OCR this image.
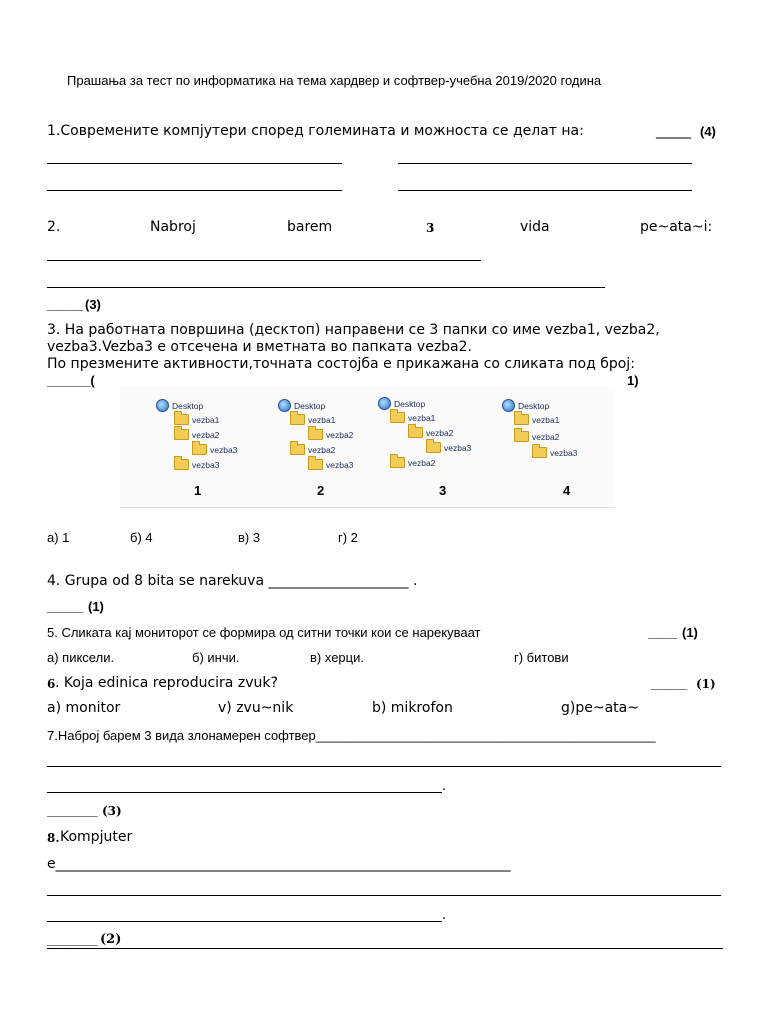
Прашања за тест по информатика на тема хардвер и софтвер-учебна 2019/2020 година
1.Современите компјутери според големината и можноста се делат на:	_____ (4)
2.	Nabroj	barem	3	vida	pe~ata~i:
_____ (3)
3. На работната површина (десктоп) направени се 3 папки со име vezba1, vezba2,
vezba3.Vezba3 е отсечена и вметната во папката vezba2.
По презмените активности,точната состојба е прикажана со сликата под број:
______(	1)
Desktop
vezba1
vezba2
vezba3
vezba3
Desktop
vezba1
vezba2
vezba2
vezba3
Desktop
vezba1
vezba2
vezba3
vezba2
Desktop
vezba1
vezba2
vezba3
1	2	3	4
а) 1	б) 4	в) 3	г) 2
4. Grupa od 8 bita se narekuva ____________________ .
_____ (1)
5. Сликата кај мониторот се формира од ситни точки кои се нарекуваат	____ (1)
а) пиксели.	б) инчи.	в) херци.	г) битови
6 . Koja edinica reproducira zvuk?	_____ (1)
a) monitor	v) zvu~nik	b) mikrofon	g)pe~ata~
7.Наброј барем 3 вида злонамерен софтвер_______________________________________________
.
_______ (3)
8. Kompjuter
е_________________________________________________________________
.
_______ (2)
